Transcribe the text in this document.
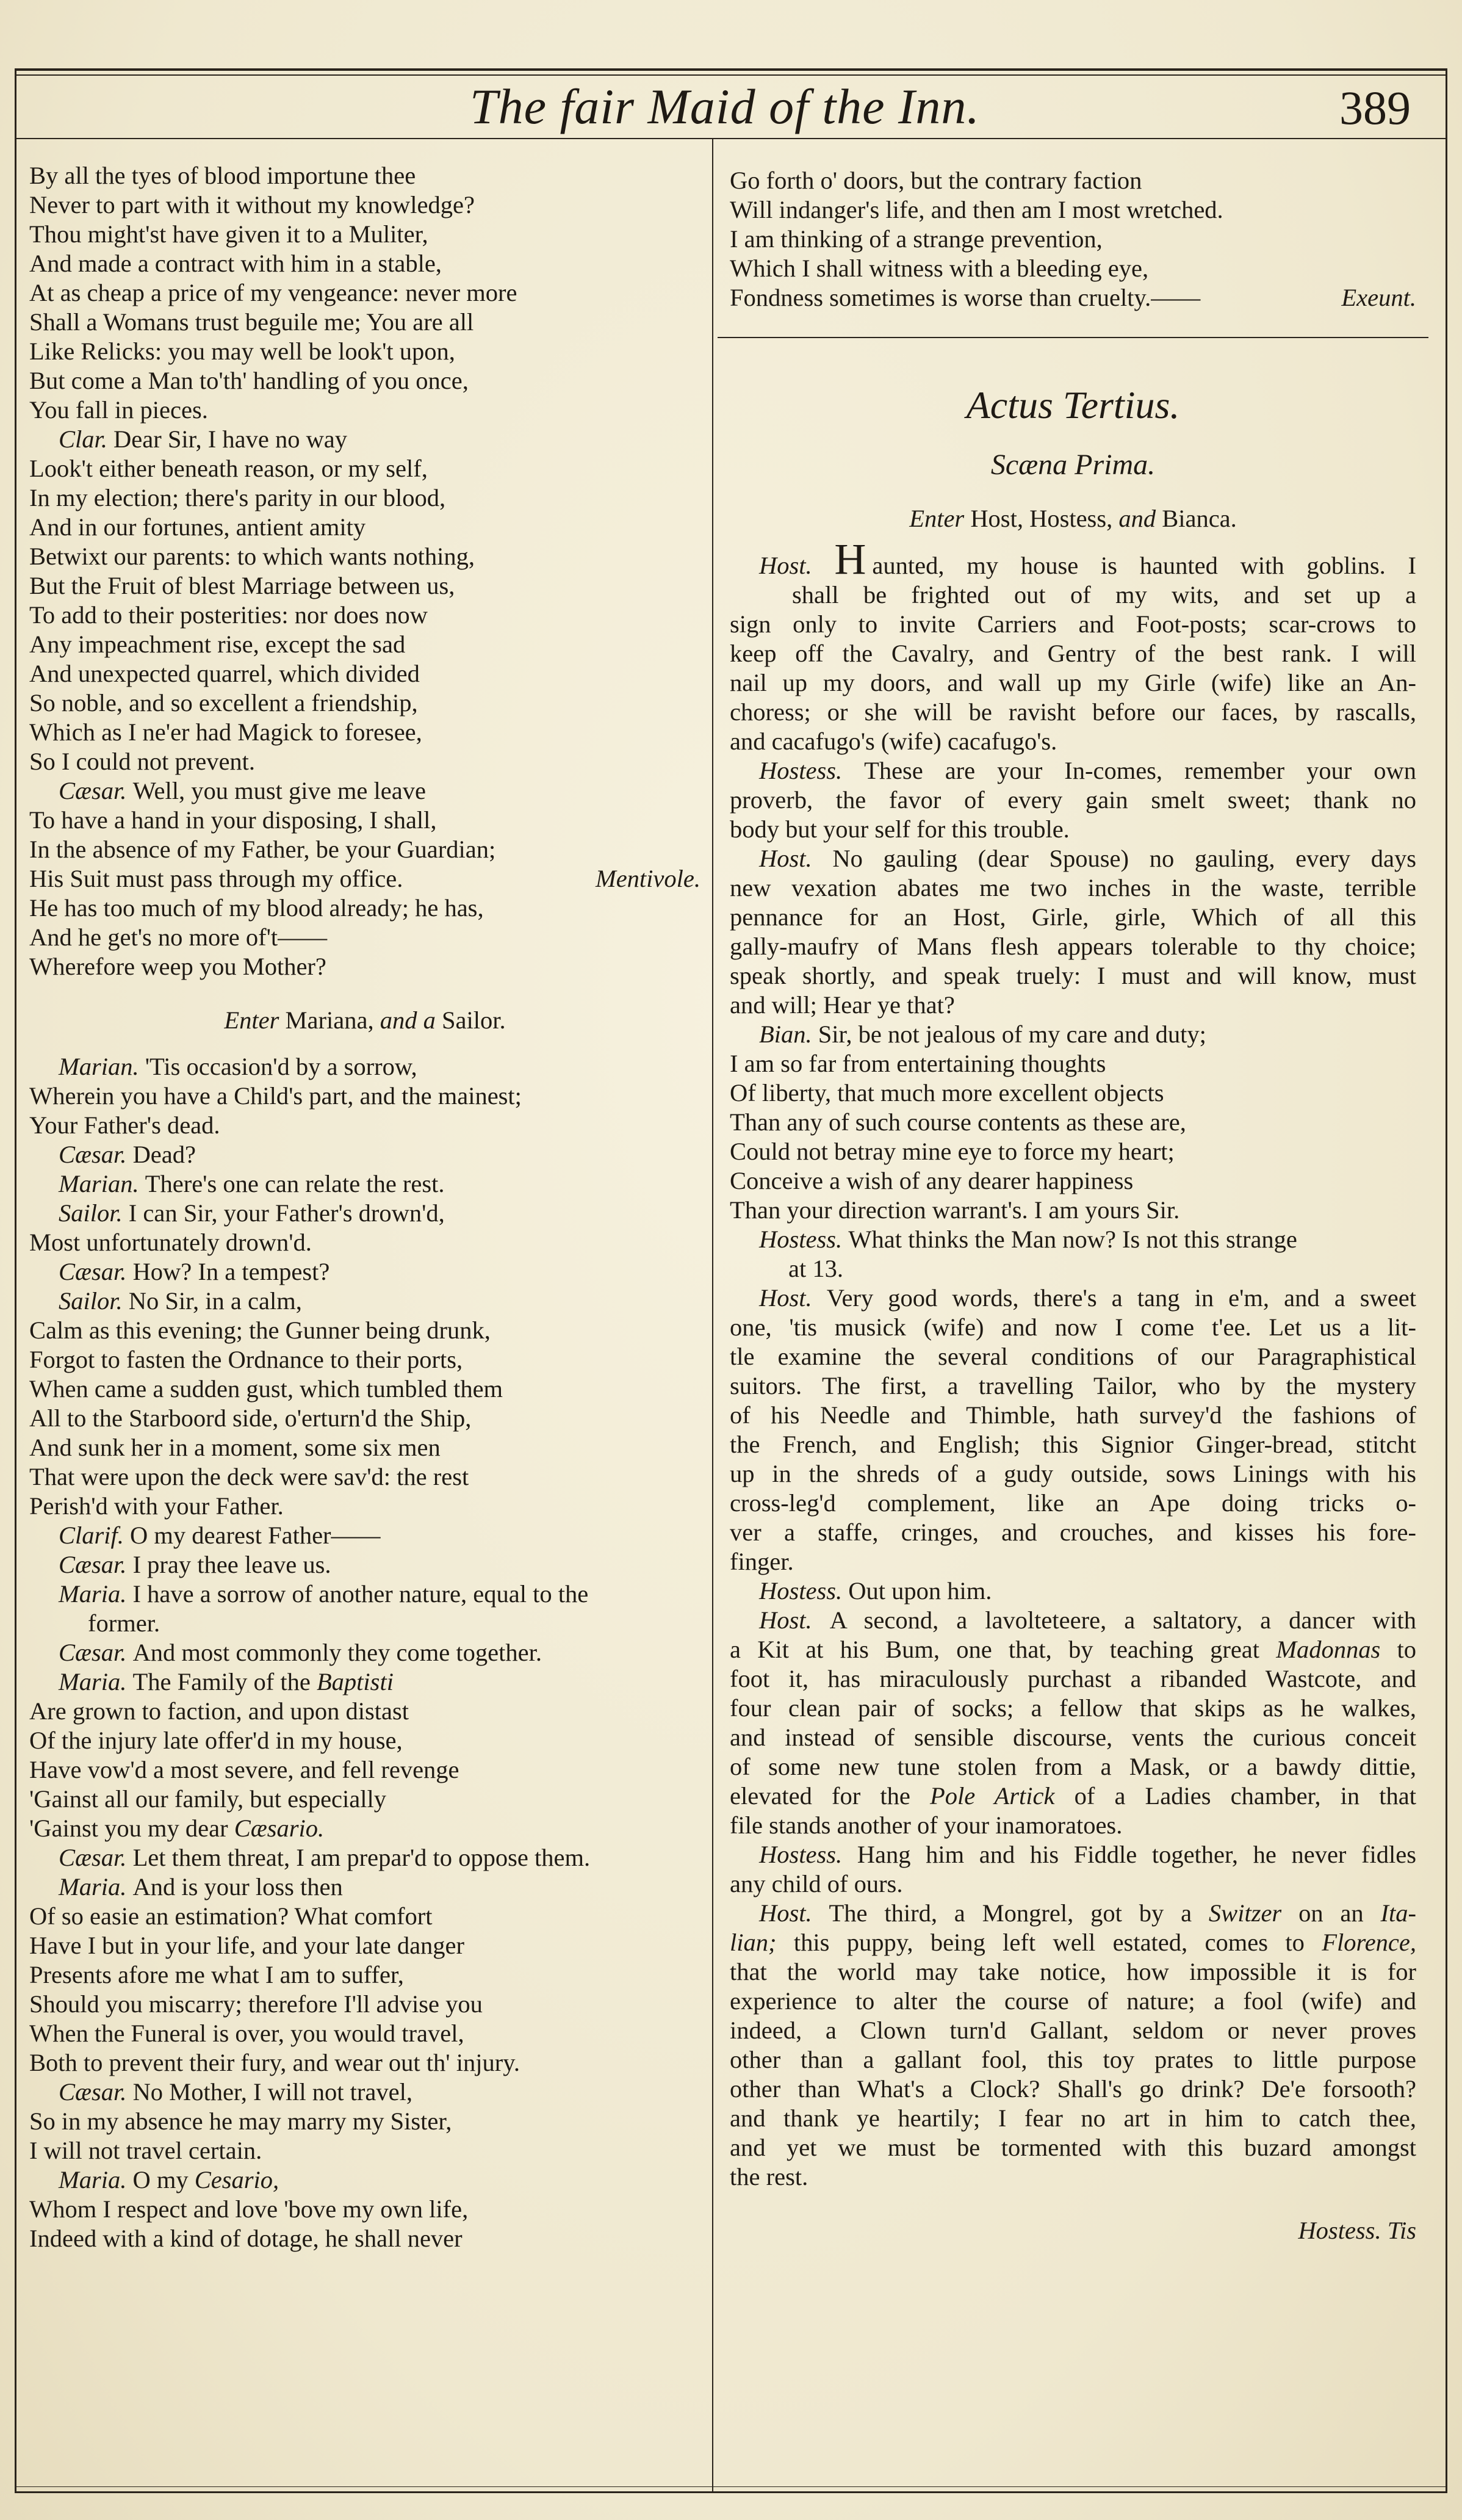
The fair Maid of the Inn.	389
By all the tyes of blood importune thee
Never to part with it without my knowledge?
Thou might'st have given it to a Muliter,
And made a contract with him in a stable,
At as cheap a price of my vengeance: never more
Shall a Womans trust beguile me; You are all
Like Relicks: you may well be look't upon,
But come a Man to'th' handling of you once,
You fall in pieces.
Clar. Dear Sir, I have no way
Look't either beneath reason, or my self,
In my election; there's parity in our blood,
And in our fortunes, antient amity
Betwixt our parents: to which wants nothing,
But the Fruit of blest Marriage between us,
To add to their posterities: nor does now
Any impeachment rise, except the sad
And unexpected quarrel, which divided
So noble, and so excellent a friendship,
Which as I ne'er had Magick to foresee,
So I could not prevent.
Cæsar. Well, you must give me leave
To have a hand in your disposing, I shall,
In the absence of my Father, be your Guardian;
His Suit must pass through my office.	Mentivole.
He has too much of my blood already; he has,
And he get's no more of't——
Wherefore weep you Mother?
Enter Mariana, and a Sailor.
Marian. 'Tis occasion'd by a sorrow,
Wherein you have a Child's part, and the mainest;
Your Father's dead.
Cæsar. Dead?
Marian. There's one can relate the rest.
Sailor. I can Sir, your Father's drown'd,
Most unfortunately drown'd.
Cæsar. How? In a tempest?
Sailor. No Sir, in a calm,
Calm as this evening; the Gunner being drunk,
Forgot to fasten the Ordnance to their ports,
When came a sudden gust, which tumbled them
All to the Starboord side, o'erturn'd the Ship,
And sunk her in a moment, some six men
That were upon the deck were sav'd: the rest
Perish'd with your Father.
Clarif. O my dearest Father——
Cæsar. I pray thee leave us.
Maria. I have a sorrow of another nature, equal to the
former.
Cæsar. And most commonly they come together.
Maria. The Family of the Baptisti
Are grown to faction, and upon distast
Of the injury late offer'd in my house,
Have vow'd a most severe, and fell revenge
'Gainst all our family, but especially
'Gainst you my dear Cæsario.
Cæsar. Let them threat, I am prepar'd to oppose them.
Maria. And is your loss then
Of so easie an estimation? What comfort
Have I but in your life, and your late danger
Presents afore me what I am to suffer,
Should you miscarry; therefore I'll advise you
When the Funeral is over, you would travel,
Both to prevent their fury, and wear out th' injury.
Cæsar. No Mother, I will not travel,
So in my absence he may marry my Sister,
I will not travel certain.
Maria. O my Cesario,
Whom I respect and love 'bove my own life,
Indeed with a kind of dotage, he shall never
Go forth o' doors, but the contrary faction
Will indanger's life, and then am I most wretched.
I am thinking of a strange prevention,
Which I shall witness with a bleeding eye,
Fondness sometimes is worse than cruelty.——	Exeunt.
Actus Tertius.
Scæna Prima.
Enter Host, Hostess, and Bianca.
Host. H aunted, my house is haunted with goblins. I
shall be frighted out of my wits, and set up a
sign only to invite Carriers and Foot-posts; scar-crows to
keep off the Cavalry, and Gentry of the best rank. I will
nail up my doors, and wall up my Girle (wife) like an An-
choress; or she will be ravisht before our faces, by rascalls,
and cacafugo's (wife) cacafugo's.
Hostess. These are your In-comes, remember your own
proverb, the favor of every gain smelt sweet; thank no
body but your self for this trouble.
Host. No gauling (dear Spouse) no gauling, every days
new vexation abates me two inches in the waste, terrible
pennance for an Host, Girle, girle, Which of all this
gally-maufry of Mans flesh appears tolerable to thy choice;
speak shortly, and speak truely: I must and will know, must
and will; Hear ye that?
Bian. Sir, be not jealous of my care and duty;
I am so far from entertaining thoughts
Of liberty, that much more excellent objects
Than any of such course contents as these are,
Could not betray mine eye to force my heart;
Conceive a wish of any dearer happiness
Than your direction warrant's. I am yours Sir.
Hostess. What thinks the Man now? Is not this strange
at 13.
Host. Very good words, there's a tang in e'm, and a sweet
one, 'tis musick (wife) and now I come t'ee. Let us a lit-
tle examine the several conditions of our Paragraphistical
suitors. The first, a travelling Tailor, who by the mystery
of his Needle and Thimble, hath survey'd the fashions of
the French, and English; this Signior Ginger-bread, stitcht
up in the shreds of a gudy outside, sows Linings with his
cross-leg'd complement, like an Ape doing tricks o-
ver a staffe, cringes, and crouches, and kisses his fore-
finger.
Hostess. Out upon him.
Host. A second, a lavolteteere, a saltatory, a dancer with
a Kit at his Bum, one that, by teaching great Madonnas to
foot it, has miraculously purchast a ribanded Wastcote, and
four clean pair of socks; a fellow that skips as he walkes,
and instead of sensible discourse, vents the curious conceit
of some new tune stolen from a Mask, or a bawdy dittie,
elevated for the Pole Artick of a Ladies chamber, in that
file stands another of your inamoratoes.
Hostess. Hang him and his Fiddle together, he never fidles
any child of ours.
Host. The third, a Mongrel, got by a Switzer on an Ita-
lian; this puppy, being left well estated, comes to Florence,
that the world may take notice, how impossible it is for
experience to alter the course of nature; a fool (wife) and
indeed, a Clown turn'd Gallant, seldom or never proves
other than a gallant fool, this toy prates to little purpose
other than What's a Clock? Shall's go drink? De'e forsooth?
and thank ye heartily; I fear no art in him to catch thee,
and yet we must be tormented with this buzard amongst
the rest.
Hostess. Tis
